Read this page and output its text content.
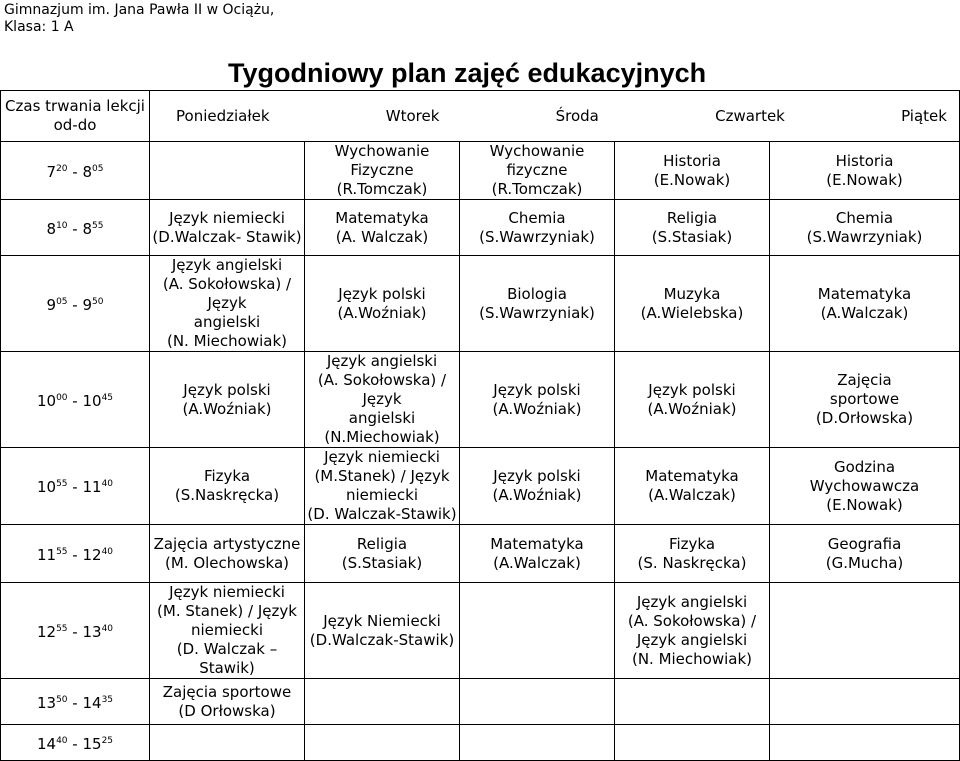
Gimnazjum im. Jana Pawła II w Ociążu,
Klasa: 1 A
Tygodniowy plan zajęć edukacyjnych
Czas trwania lekcji
od-do	Poniedziałek Wtorek Środa Czwartek Piątek				

$7^{20} - 8^{05}$		Wychowanie Fizyczne
(R.Tomczak)	Wychowanie
fizyczne
(R.Tomczak)	Historia
(E.Nowak)	Historia
(E.Nowak)

$8^{10} - 8^{55}$	Język niemiecki
(D.Walczak- Stawik)	Matematyka
(A. Walczak)	Chemia
(S.Wawrzyniak)	Religia
(S.Stasiak)	Chemia
(S.Wawrzyniak)

$9^{05} - 9^{50}$	Język angielski
(A. Sokołowska) / Język
angielski
(N. Miechowiak)	Język polski
(A.Woźniak)	Biologia
(S.Wawrzyniak)	Muzyka
(A.Wielebska)	Matematyka
(A.Walczak)

$10^{00} - 10^{45}$	Język polski
(A.Woźniak)	Język angielski
(A. Sokołowska) / Język
angielski (N.Miechowiak)	Język polski
(A.Woźniak)	Język polski
(A.Woźniak)	Zajęcia
sportowe
(D.Orłowska)

$10^{55} - 11^{40}$	Fizyka
(S.Naskręcka)	Język niemiecki
(M.Stanek) / Język
niemiecki
(D. Walczak-Stawik)	Język polski
(A.Woźniak)	Matematyka
(A.Walczak)	Godzina
Wychowawcza
(E.Nowak)

$11^{55} - 12^{40}$	Zajęcia artystyczne
(M. Olechowska)	Religia
(S.Stasiak)	Matematyka
(A.Walczak)	Fizyka
(S. Naskręcka)	Geografia
(G.Mucha)

$12^{55} - 13^{40}$	Język niemiecki
(M. Stanek) / Język
niemiecki
(D. Walczak – Stawik)	Język Niemiecki
(D.Walczak-Stawik)		Język angielski
(A. Sokołowska) /
Język angielski
(N. Miechowiak)	

$13^{50} - 14^{35}$	Zajęcia sportowe
(D Orłowska)				

$14^{40} - 15^{25}$					
